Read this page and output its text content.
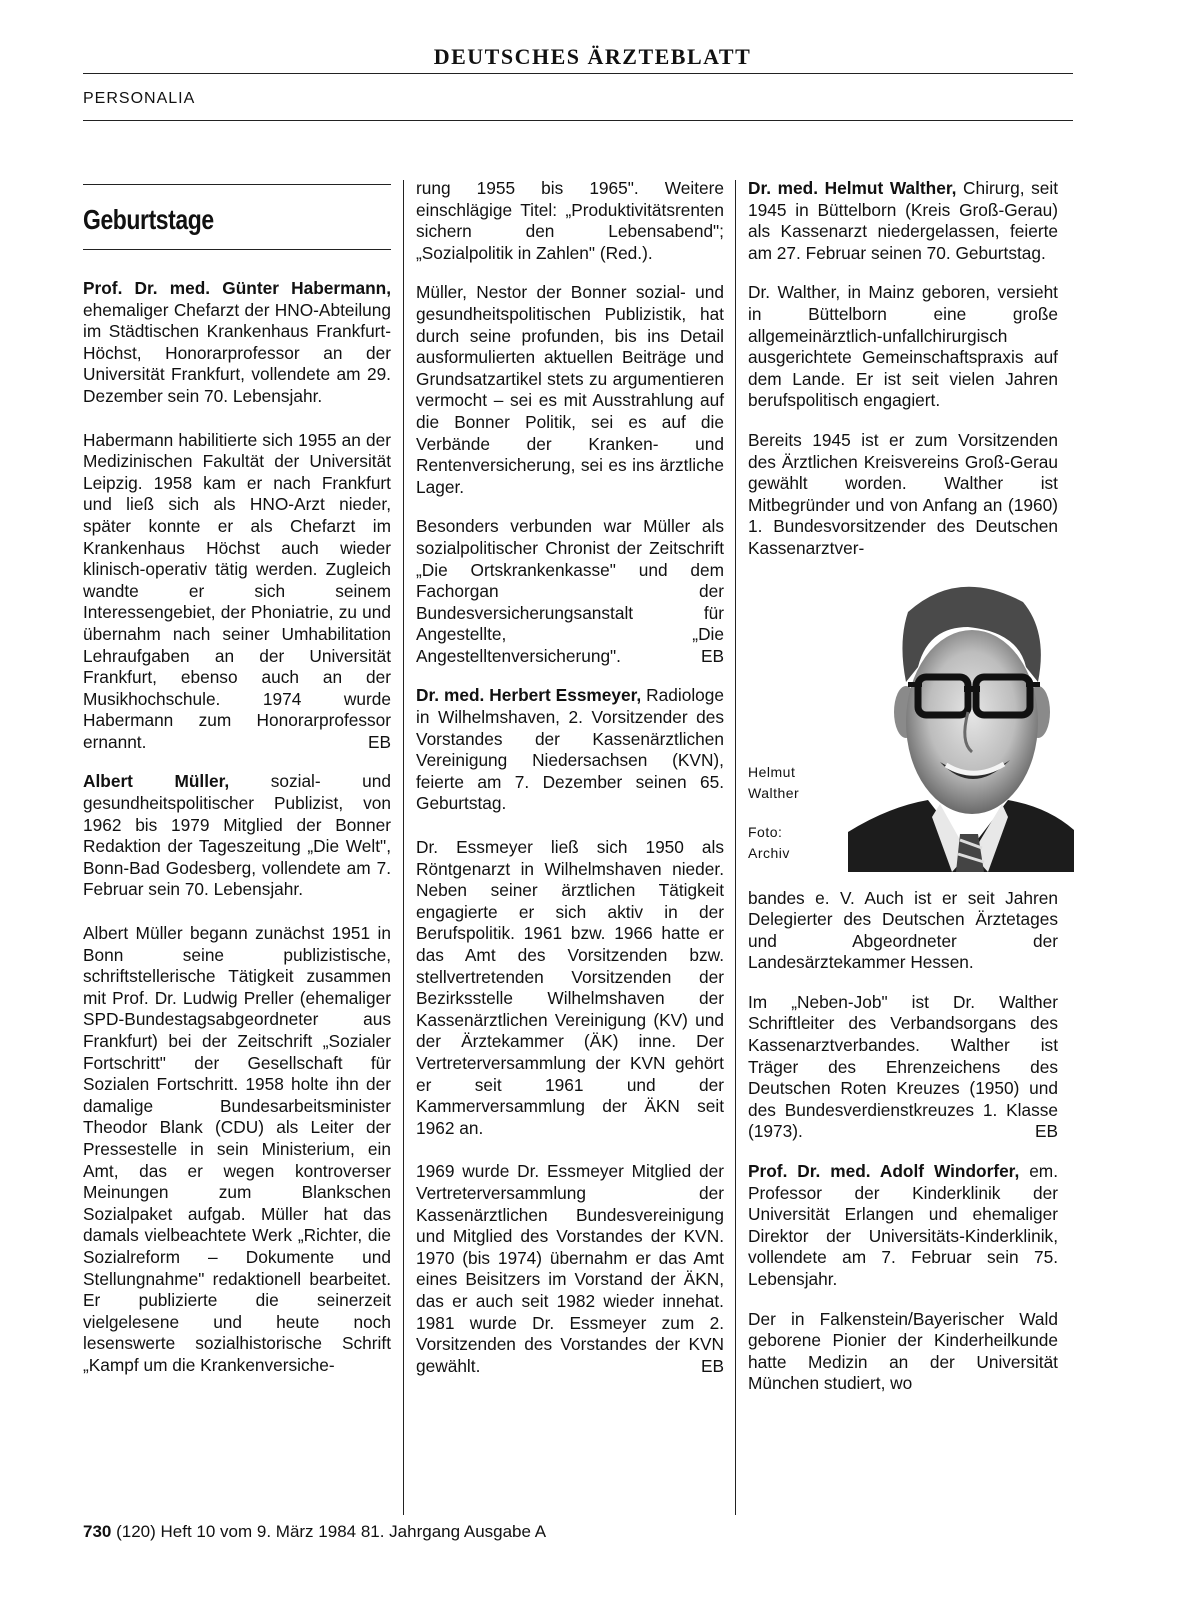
DEUTSCHES ÄRZTEBLATT
PERSONALIA
Geburtstage

Prof. Dr. med. Günter Habermann, ehemaliger Chefarzt der HNO-Abteilung im Städtischen Krankenhaus Frankfurt-Höchst, Honorarprofessor an der Universität Frankfurt, vollendete am 29. Dezember sein 70. Lebensjahr.

Habermann habilitierte sich 1955 an der Medizinischen Fakultät der Universität Leipzig. 1958 kam er nach Frankfurt und ließ sich als HNO-Arzt nieder, später konnte er als Chefarzt im Krankenhaus Höchst auch wieder klinisch-operativ tätig werden. Zugleich wandte er sich seinem Interessengebiet, der Phoniatrie, zu und übernahm nach seiner Umhabilitation Lehraufgaben an der Universität Frankfurt, ebenso auch an der Musikhochschule. 1974 wurde Habermann zum Honorarprofessor ernannt.	EB

Albert Müller, sozial- und gesundheitspolitischer Publizist, von 1962 bis 1979 Mitglied der Bonner Redaktion der Tageszeitung „Die Welt", Bonn-Bad Godesberg, vollendete am 7. Februar sein 70. Lebensjahr.

Albert Müller begann zunächst 1951 in Bonn seine publizistische, schriftstellerische Tätigkeit zusammen mit Prof. Dr. Ludwig Preller (ehemaliger SPD-Bundestagsabgeordneter aus Frankfurt) bei der Zeitschrift „Sozialer Fortschritt" der Gesellschaft für Sozialen Fortschritt. 1958 holte ihn der damalige Bundesarbeitsminister Theodor Blank (CDU) als Leiter der Pressestelle in sein Ministerium, ein Amt, das er wegen kontroverser Meinungen zum Blankschen Sozialpaket aufgab. Müller hat das damals vielbeachtete Werk „Richter, die Sozialreform – Dokumente und Stellungnahme" redaktionell bearbeitet. Er publizierte die seinerzeit vielgelesene und heute noch lesenswerte sozialhistorische Schrift „Kampf um die Krankenversiche-

rung 1955 bis 1965". Weitere einschlägige Titel: „Produktivitätsrenten sichern den Lebensabend"; „Sozialpolitik in Zahlen" (Red.).

Müller, Nestor der Bonner sozial- und gesundheitspolitischen Publizistik, hat durch seine profunden, bis ins Detail ausformulierten aktuellen Beiträge und Grundsatzartikel stets zu argumentieren vermocht – sei es mit Ausstrahlung auf die Bonner Politik, sei es auf die Verbände der Kranken- und Rentenversicherung, sei es ins ärztliche Lager.

Besonders verbunden war Müller als sozialpolitischer Chronist der Zeitschrift „Die Ortskrankenkasse" und dem Fachorgan der Bundesversicherungsanstalt für Angestellte, „Die Angestelltenversicherung".	EB

Dr. med. Herbert Essmeyer, Radiologe in Wilhelmshaven, 2. Vorsitzender des Vorstandes der Kassenärztlichen Vereinigung Niedersachsen (KVN), feierte am 7. Dezember seinen 65. Geburtstag.

Dr. Essmeyer ließ sich 1950 als Röntgenarzt in Wilhelmshaven nieder. Neben seiner ärztlichen Tätigkeit engagierte er sich aktiv in der Berufspolitik. 1961 bzw. 1966 hatte er das Amt des Vorsitzenden bzw. stellvertretenden Vorsitzenden der Bezirksstelle Wilhelmshaven der Kassenärztlichen Vereinigung (KV) und der Ärztekammer (ÄK) inne. Der Vertreterversammlung der KVN gehört er seit 1961 und der Kammerversammlung der ÄKN seit 1962 an.

1969 wurde Dr. Essmeyer Mitglied der Vertreterversammlung der Kassenärztlichen Bundesvereinigung und Mitglied des Vorstandes der KVN. 1970 (bis 1974) übernahm er das Amt eines Beisitzers im Vorstand der ÄKN, das er auch seit 1982 wieder innehat. 1981 wurde Dr. Essmeyer zum 2. Vorsitzenden des Vorstandes der KVN gewählt.	EB

Dr. med. Helmut Walther, Chirurg, seit 1945 in Büttelborn (Kreis Groß-Gerau) als Kassenarzt niedergelassen, feierte am 27. Februar seinen 70. Geburtstag.

Dr. Walther, in Mainz geboren, versieht in Büttelborn eine große allgemeinärztlich-unfallchirurgisch ausgerichtete Gemeinschaftspraxis auf dem Lande. Er ist seit vielen Jahren berufspolitisch engagiert.

Bereits 1945 ist er zum Vorsitzenden des Ärztlichen Kreisvereins Groß-Gerau gewählt worden. Walther ist Mitbegründer und von Anfang an (1960) 1. Bundesvorsitzender des Deutschen Kassenarztver-

Helmut
Walther
Foto:
Archiv

bandes e. V. Auch ist er seit Jahren Delegierter des Deutschen Ärztetages und Abgeordneter der Landesärztekammer Hessen.

Im „Neben-Job" ist Dr. Walther Schriftleiter des Verbandsorgans des Kassenarztverbandes. Walther ist Träger des Ehrenzeichens des Deutschen Roten Kreuzes (1950) und des Bundesverdienstkreuzes 1. Klasse (1973).	EB

Prof. Dr. med. Adolf Windorfer, em. Professor der Kinderklinik der Universität Erlangen und ehemaliger Direktor der Universitäts-Kinderklinik, vollendete am 7. Februar sein 75. Lebensjahr.

Der in Falkenstein/Bayerischer Wald geborene Pionier der Kinderheilkunde hatte Medizin an der Universität München studiert, wo

730 (120) Heft 10 vom 9. März 1984 81. Jahrgang Ausgabe A
